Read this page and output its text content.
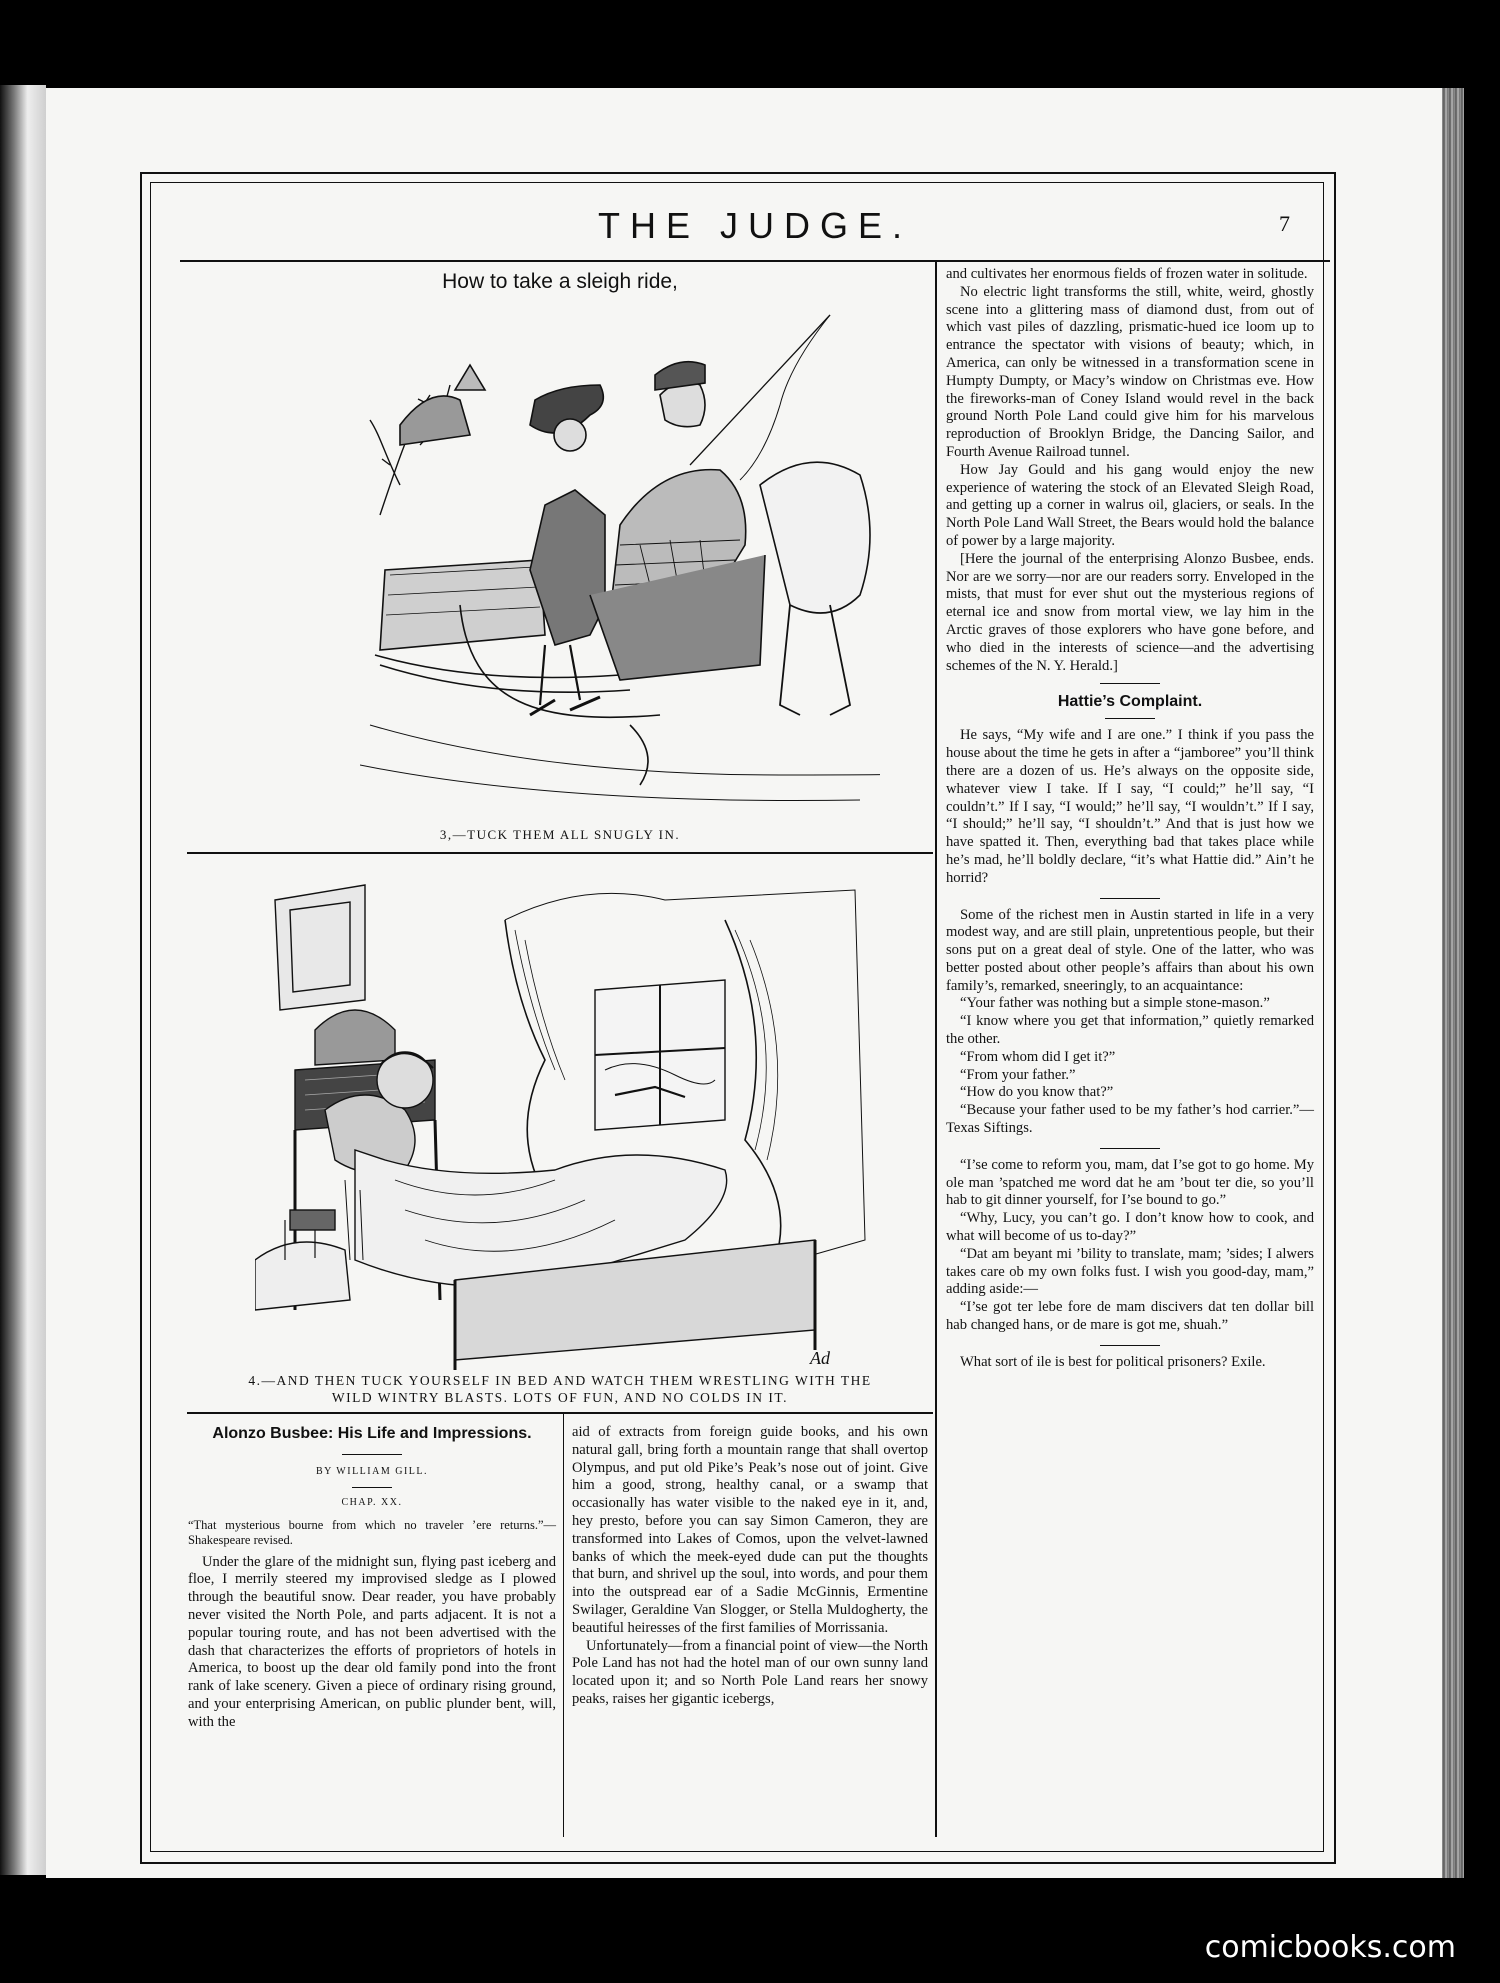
THE JUDGE.	7
How to take a sleigh ride,
3,—TUCK THEM ALL SNUGLY IN.
4.—AND THEN TUCK YOURSELF IN BED AND WATCH THEM WRESTLING WITH THE
WILD WINTRY BLASTS. LOTS OF FUN, AND NO COLDS IN IT.
Ad
Alonzo Busbee: His Life and Impressions.
BY WILLIAM GILL.
CHAP. XX.

“That mysterious bourne from which no traveler ’ere returns.”—Shakespeare revised.

Under the glare of the midnight sun, flying past iceberg and floe, I merrily steered my improvised sledge as I plowed through the beautiful snow. Dear reader, you have probably never visited the North Pole, and parts adjacent. It is not a popular touring route, and has not been advertised with the dash that characterizes the efforts of proprietors of hotels in America, to boost up the dear old family pond into the front rank of lake scenery. Given a piece of ordinary rising ground, and your enterprising American, on public plunder bent, will, with the

aid of extracts from foreign guide books, and his own natural gall, bring forth a mountain range that shall overtop Olympus, and put old Pike’s Peak’s nose out of joint. Give him a good, strong, healthy canal, or a swamp that occasionally has water visible to the naked eye in it, and, hey presto, before you can say Simon Cameron, they are transformed into Lakes of Comos, upon the velvet-lawned banks of which the meek-eyed dude can put the thoughts that burn, and shrivel up the soul, into words, and pour them into the outspread ear of a Sadie McGinnis, Ermentine Swilager, Geraldine Van Slogger, or Stella Muldogherty, the beautiful heiresses of the first families of Morrissania.

Unfortunately—from a financial point of view—the North Pole Land has not had the hotel man of our own sunny land located upon it; and so North Pole Land rears her snowy peaks, raises her gigantic icebergs,

and cultivates her enormous fields of frozen water in solitude.

No electric light transforms the still, white, weird, ghostly scene into a glittering mass of diamond dust, from out of which vast piles of dazzling, prismatic-hued ice loom up to entrance the spectator with visions of beauty; which, in America, can only be witnessed in a transformation scene in Humpty Dumpty, or Macy’s window on Christmas eve. How the fireworks-man of Coney Island would revel in the back ground North Pole Land could give him for his marvelous reproduction of Brooklyn Bridge, the Dancing Sailor, and Fourth Avenue Railroad tunnel.

How Jay Gould and his gang would enjoy the new experience of watering the stock of an Elevated Sleigh Road, and getting up a corner in walrus oil, glaciers, or seals. In the North Pole Land Wall Street, the Bears would hold the balance of power by a large majority.

[Here the journal of the enterprising Alonzo Busbee, ends. Nor are we sorry—nor are our readers sorry. Enveloped in the mists, that must for ever shut out the mysterious regions of eternal ice and snow from mortal view, we lay him in the Arctic graves of those explorers who have gone before, and who died in the interests of science—and the advertising schemes of the N. Y. Herald.]

Hattie’s Complaint.

He says, “My wife and I are one.” I think if you pass the house about the time he gets in after a “jamboree” you’ll think there are a dozen of us. He’s always on the opposite side, whatever view I take. If I say, “I could;” he’ll say, “I couldn’t.” If I say, “I would;” he’ll say, “I wouldn’t.” If I say, “I should;” he’ll say, “I shouldn’t.” And that is just how we have spatted it. Then, everything bad that takes place while he’s mad, he’ll boldly declare, “it’s what Hattie did.” Ain’t he horrid?

Some of the richest men in Austin started in life in a very modest way, and are still plain, unpretentious people, but their sons put on a great deal of style. One of the latter, who was better posted about other people’s affairs than about his own family’s, remarked, sneeringly, to an acquaintance:

“Your father was nothing but a simple stone-mason.”

“I know where you get that information,” quietly remarked the other.

“From whom did I get it?”

“From your father.”

“How do you know that?”

“Because your father used to be my father’s hod carrier.”—Texas Siftings.

“I’se come to reform you, mam, dat I’se got to go home. My ole man ’spatched me word dat he am ’bout ter die, so you’ll hab to git dinner yourself, for I’se bound to go.”

“Why, Lucy, you can’t go. I don’t know how to cook, and what will become of us to-day?”

“Dat am beyant mi ’bility to translate, mam; ’sides; I alwers takes care ob my own folks fust. I wish you good-day, mam,” adding aside:—

“I’se got ter lebe fore de mam discivers dat ten dollar bill hab changed hans, or de mare is got me, shuah.”

What sort of ile is best for political prisoners? Exile.

comicbooks.com
